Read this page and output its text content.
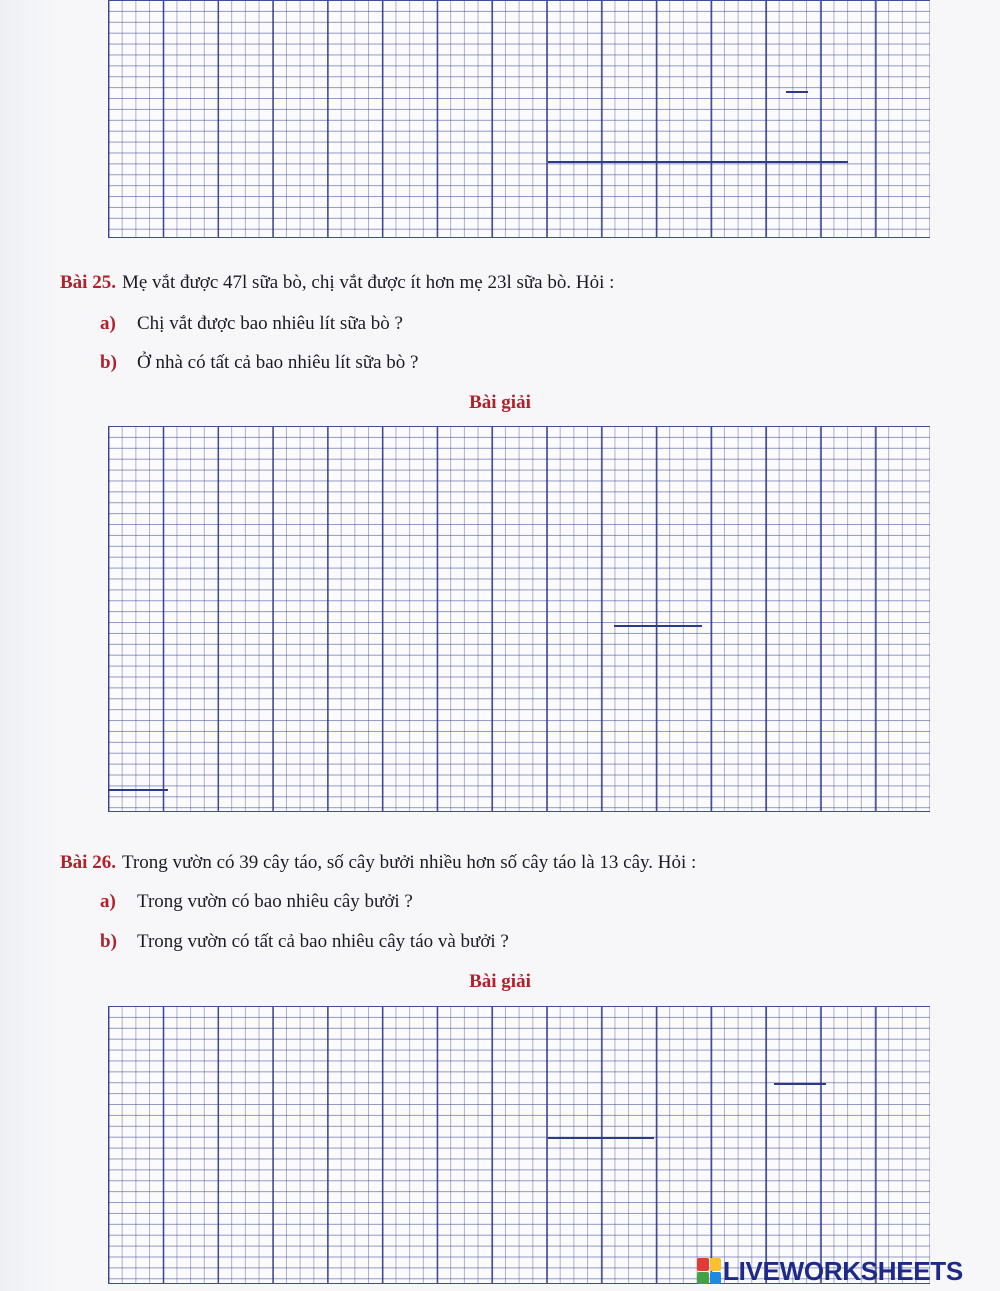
Bài 25. Mẹ vắt được 47l sữa bò, chị vắt được ít hơn mẹ 23l sữa bò. Hỏi :
a) Chị vắt được bao nhiêu lít sữa bò ?
b) Ở nhà có tất cả bao nhiêu lít sữa bò ?
Bài giải
Bài 26. Trong vườn có 39 cây táo, số cây bưởi nhiều hơn số cây táo là 13 cây. Hỏi :
a) Trong vườn có bao nhiêu cây bưởi ?
b) Trong vườn có tất cả bao nhiêu cây táo và bưởi ?
Bài giải
LIVEWORKSHEETS
